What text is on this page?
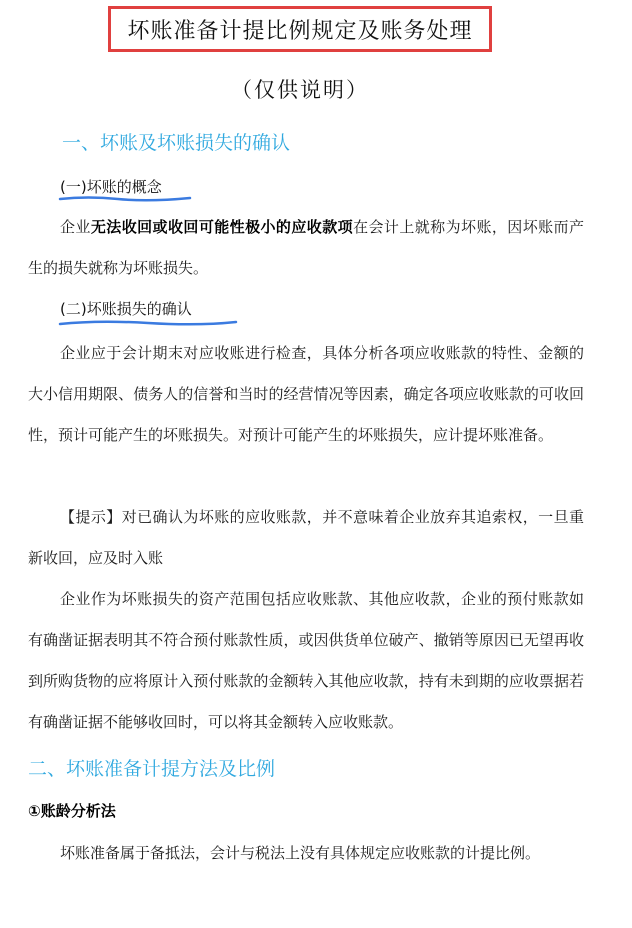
坏账准备计提比例规定及账务处理
（仅供说明）
一、坏账及坏账损失的确认
(一)坏账的概念
企业无法收回或收回可能性极小的应收款项在会计上就称为坏账，因坏账而产生的损失就称为坏账损失。
(二)坏账损失的确认
企业应于会计期末对应收账进行检查，具体分析各项应收账款的特性、金额的大小信用期限、债务人的信誉和当时的经营情况等因素，确定各项应收账款的可收回性，预计可能产生的坏账损失。对预计可能产生的坏账损失，应计提坏账准备。
【提示】对已确认为坏账的应收账款，并不意味着企业放弃其追索权，一旦重新收回，应及时入账
企业作为坏账损失的资产范围包括应收账款、其他应收款，企业的预付账款如有确凿证据表明其不符合预付账款性质，或因供货单位破产、撤销等原因已无望再收到所购货物的应将原计入预付账款的金额转入其他应收款，持有未到期的应收票据若有确凿证据不能够收回时，可以将其金额转入应收账款。
二、坏账准备计提方法及比例
①账龄分析法
坏账准备属于备抵法，会计与税法上没有具体规定应收账款的计提比例。
